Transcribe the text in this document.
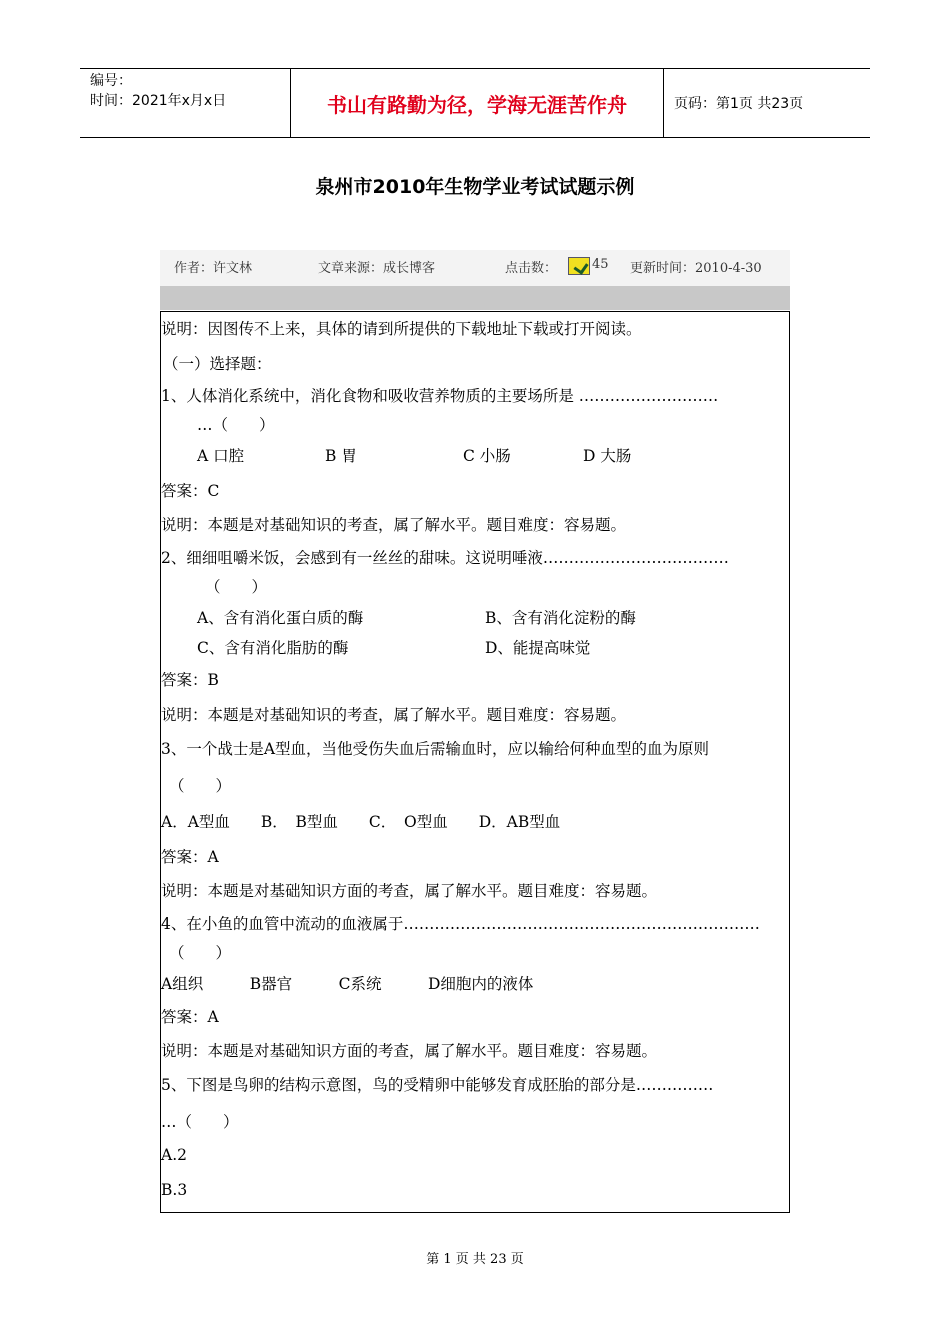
编号：
时间：2021年x月x日	书山有路勤为径，学海无涯苦作舟	页码：第1页 共23页
泉州市2010年生物学业考试试题示例
作者：许文林	文章来源：成长博客	点击数：	45 更新时间：2010-4-30
说明：因图传不上来，具体的请到所提供的下载地址下载或打开阅读。
（一）选择题：
1、人体消化系统中，消化食物和吸收营养物质的主要场所是 ………………………
…（　　）
A 口腔	B 胃	C 小肠	D 大肠
答案：C
说明：本题是对基础知识的考查，属了解水平。题目难度：容易题。
2、细细咀嚼米饭，会感到有一丝丝的甜味。这说明唾液………………………………
（　　）
A、含有消化蛋白质的酶	B、含有消化淀粉的酶
C、含有消化脂肪的酶	D、能提高味觉
答案：B
说明：本题是对基础知识的考查，属了解水平。题目难度：容易题。
3、一个战士是A型血，当他受伤失血后需输血时，应以输给何种血型的血为原则
（　　）
A．A型血　　B．　B型血　　C．　O型血　　D．AB型血
答案：A
说明：本题是对基础知识方面的考查，属了解水平。题目难度：容易题。
4、在小鱼的血管中流动的血液属于……………………………………………………………
（　　）
A组织　　　B器官　　　C系统　　　D细胞内的液体
答案：A
说明：本题是对基础知识方面的考查，属了解水平。题目难度：容易题。
5、下图是鸟卵的结构示意图，鸟的受精卵中能够发育成胚胎的部分是……………
…（　　）
A.2
B.3
第 1 页 共 23 页
